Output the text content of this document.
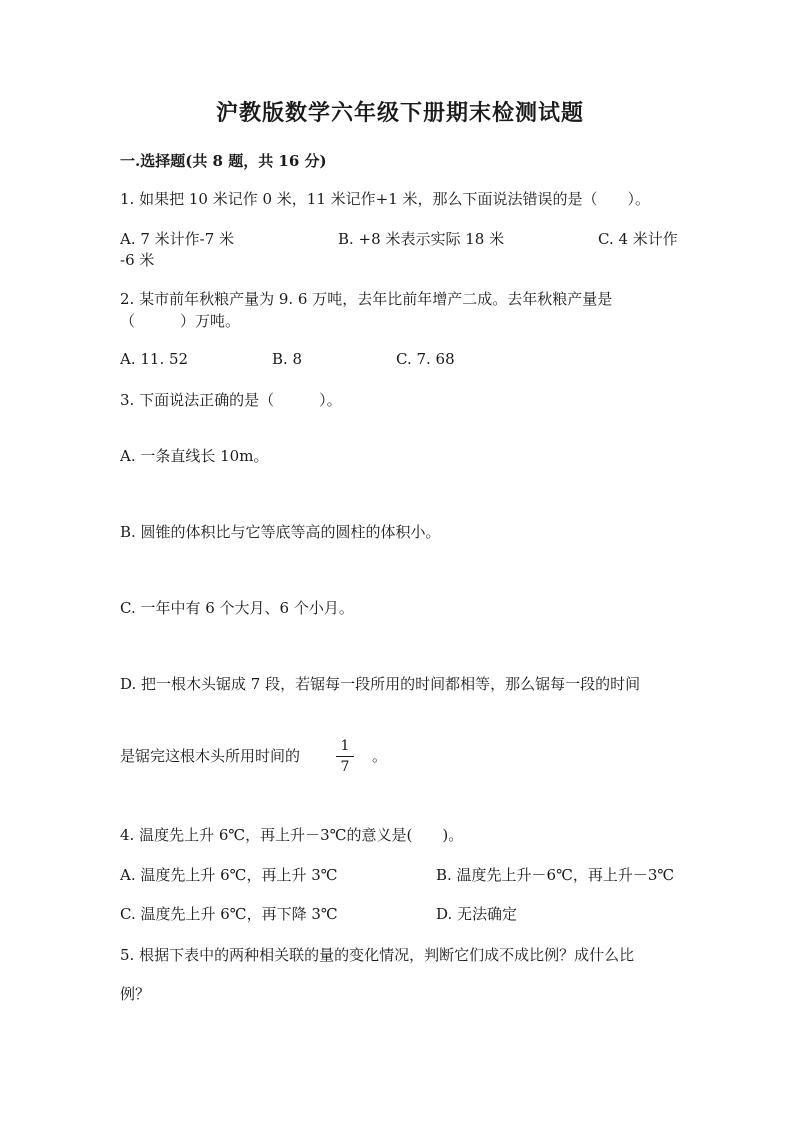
沪教版数学六年级下册期末检测试题
一.选择题(共 8 题，共 16 分)
1. 如果把 10 米记作 0 米，11 米记作+1 米，那么下面说法错误的是（　　）。
A. 7 米计作-7 米	B. +8 米表示实际 18 米	C. 4 米计作
-6 米
2. 某市前年秋粮产量为 9. 6 万吨，去年比前年增产二成。去年秋粮产量是
（　　　）万吨。
A. 11. 52	B. 8	C. 7. 68
3. 下面说法正确的是（　　　）。
A. 一条直线长 10m。
B. 圆锥的体积比与它等底等高的圆柱的体积小。
C. 一年中有 6 个大月、6 个小月。
D. 把一根木头锯成 7 段，若锯每一段所用的时间都相等，那么锯每一段的时间
是锯完这根木头所用时间的
1
7
。
4. 温度先上升 6℃，再上升－3℃的意义是(　　)。
A. 温度先上升 6℃，再上升 3℃	B. 温度先上升－6℃，再上升－3℃
C. 温度先上升 6℃，再下降 3℃	D. 无法确定
5. 根据下表中的两种相关联的量的变化情况，判断它们成不成比例？成什么比
例？
